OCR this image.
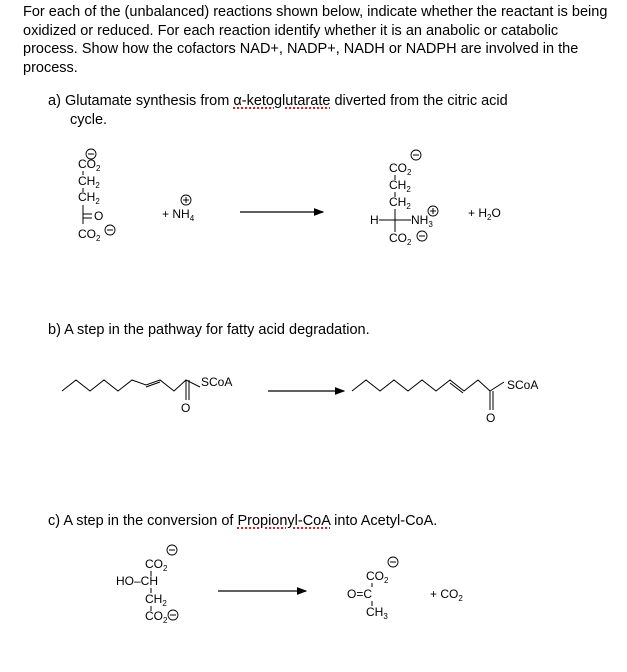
For each of the (unbalanced) reactions shown below, indicate whether the reactant is being oxidized or reduced. For each reaction identify whether it is an anabolic or catabolic process. Show how the cofactors NAD+, NADP+, NADH or NADPH are involved in the process.

a) Glutamate synthesis from α-ketoglutarate diverted from the citric acid
cycle.

b) A step in the pathway for fatty acid degradation.

c) A step in the conversion of Propionyl-CoA into Acetyl-CoA.

$CO_2$
$CH_2$
$CH_2$
O
$CO_2$
+ $NH_4$
$CO_2$
$CH_2$
$CH_2$
H	$NH_3$
$CO_2$
+ $H_2O$
SCoA
O
SCoA
O
$CO_2$
HO–CH
$CH_2$
$CO_2$
$CO_2$
O=C
$CH_3$
+ $CO_2$
